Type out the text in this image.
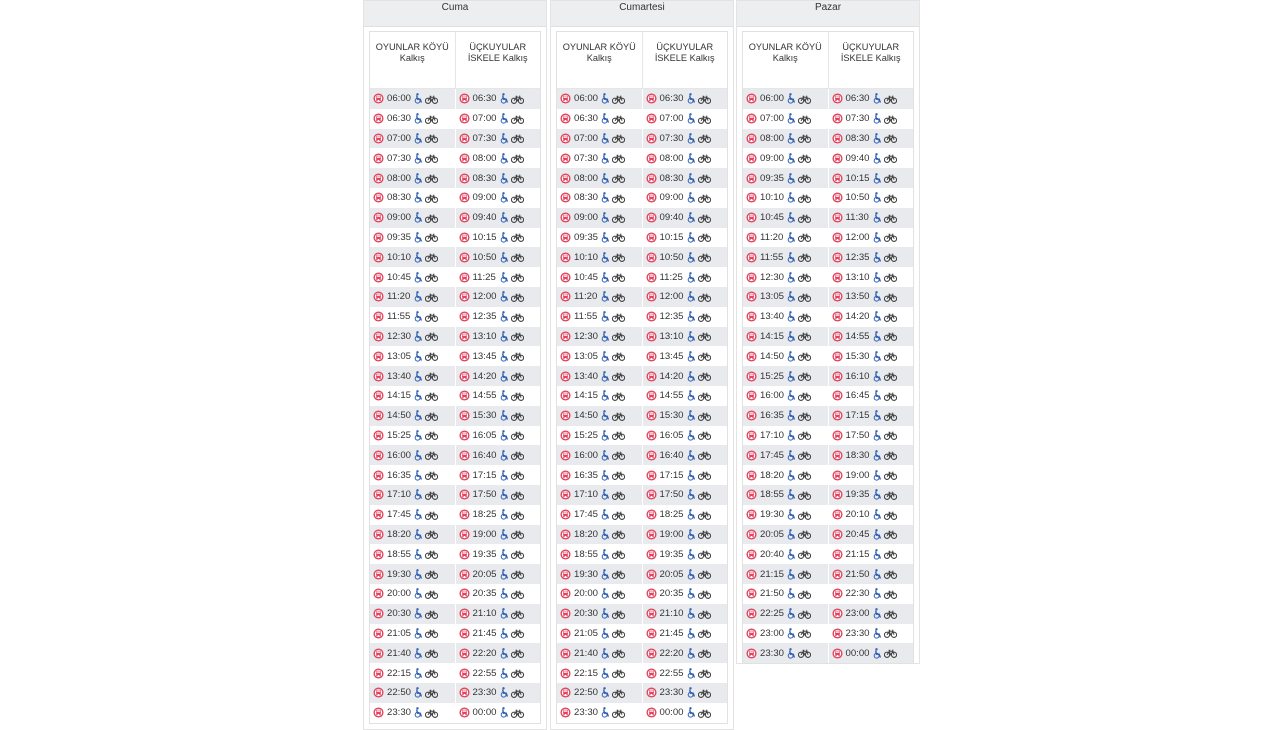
Cuma
OYUNLAR KÖYÜ Kalkış
ÜÇKUYULAR İSKELE Kalkış
06:00	06:30
06:30	07:00
07:00	07:30
07:30	08:00
08:00	08:30
08:30	09:00
09:00	09:40
09:35	10:15
10:10	10:50
10:45	11:25
11:20	12:00
11:55	12:35
12:30	13:10
13:05	13:45
13:40	14:20
14:15	14:55
14:50	15:30
15:25	16:05
16:00	16:40
16:35	17:15
17:10	17:50
17:45	18:25
18:20	19:00
18:55	19:35
19:30	20:05
20:00	20:35
20:30	21:10
21:05	21:45
21:40	22:20
22:15	22:55
22:50	23:30
23:30	00:00
Cumartesi
OYUNLAR KÖYÜ Kalkış
ÜÇKUYULAR İSKELE Kalkış
06:00	06:30
06:30	07:00
07:00	07:30
07:30	08:00
08:00	08:30
08:30	09:00
09:00	09:40
09:35	10:15
10:10	10:50
10:45	11:25
11:20	12:00
11:55	12:35
12:30	13:10
13:05	13:45
13:40	14:20
14:15	14:55
14:50	15:30
15:25	16:05
16:00	16:40
16:35	17:15
17:10	17:50
17:45	18:25
18:20	19:00
18:55	19:35
19:30	20:05
20:00	20:35
20:30	21:10
21:05	21:45
21:40	22:20
22:15	22:55
22:50	23:30
23:30	00:00
Pazar
OYUNLAR KÖYÜ Kalkış
ÜÇKUYULAR İSKELE Kalkış
06:00	06:30
07:00	07:30
08:00	08:30
09:00	09:40
09:35	10:15
10:10	10:50
10:45	11:30
11:20	12:00
11:55	12:35
12:30	13:10
13:05	13:50
13:40	14:20
14:15	14:55
14:50	15:30
15:25	16:10
16:00	16:45
16:35	17:15
17:10	17:50
17:45	18:30
18:20	19:00
18:55	19:35
19:30	20:10
20:05	20:45
20:40	21:15
21:15	21:50
21:50	22:30
22:25	23:00
23:00	23:30
23:30	00:00
